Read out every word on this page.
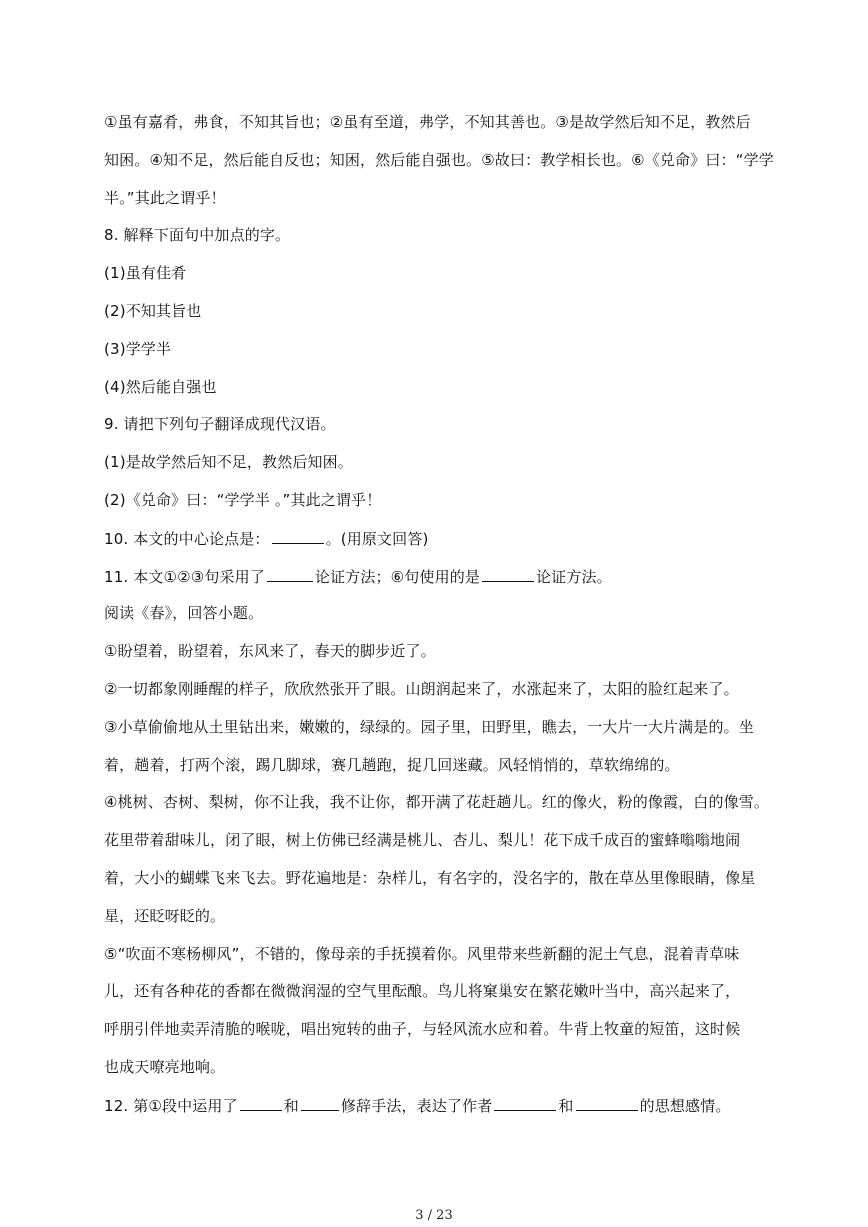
①虽有嘉肴，弗食，不知其旨也；②虽有至道，弗学，不知其善也。③是故学然后知不足，教然后
知困。④知不足，然后能自反也；知困，然后能自强也。⑤故曰：教学相长也。⑥《兑命》曰：“学学
半。”其此之谓乎！
8. 解释下面句中加点的字。
(1)虽有佳肴
(2)不知其旨也
(3)学学半
(4)然后能自强也
9. 请把下列句子翻译成现代汉语。
(1)是故学然后知不足，教然后知困。
(2)《兑命》曰：“学学半 。”其此之谓乎！
10. 本文的中心论点是：	。(用原文回答)
11. 本文①②③句采用了	论证方法；⑥句使用的是	论证方法。
阅读《春》，回答小题。
①盼望着，盼望着，东风来了，春天的脚步近了。
②一切都象刚睡醒的样子，欣欣然张开了眼。山朗润起来了，水涨起来了，太阳的脸红起来了。
③小草偷偷地从土里钻出来，嫩嫩的，绿绿的。园子里，田野里，瞧去，一大片一大片满是的。坐
着，趟着，打两个滚，踢几脚球，赛几趟跑，捉几回迷藏。风轻悄悄的，草软绵绵的。
④桃树、杏树、梨树，你不让我，我不让你，都开满了花赶趟儿。红的像火，粉的像霞，白的像雪。
花里带着甜味儿，闭了眼，树上仿佛已经满是桃儿、杏儿、梨儿！花下成千成百的蜜蜂嗡嗡地闹
着，大小的蝴蝶飞来飞去。野花遍地是：杂样儿，有名字的，没名字的，散在草丛里像眼睛，像星
星，还眨呀眨的。
⑤“吹面不寒杨柳风”，不错的，像母亲的手抚摸着你。风里带来些新翻的泥土气息，混着青草味
儿，还有各种花的香都在微微润湿的空气里酝酿。鸟儿将窠巢安在繁花嫩叶当中，高兴起来了，
呼朋引伴地卖弄清脆的喉咙，唱出宛转的曲子，与轻风流水应和着。牛背上牧童的短笛，这时候
也成天嘹亮地响。
12. 第①段中运用了	和	修辞手法，表达了作者	和	的思想感情。
3 / 23
